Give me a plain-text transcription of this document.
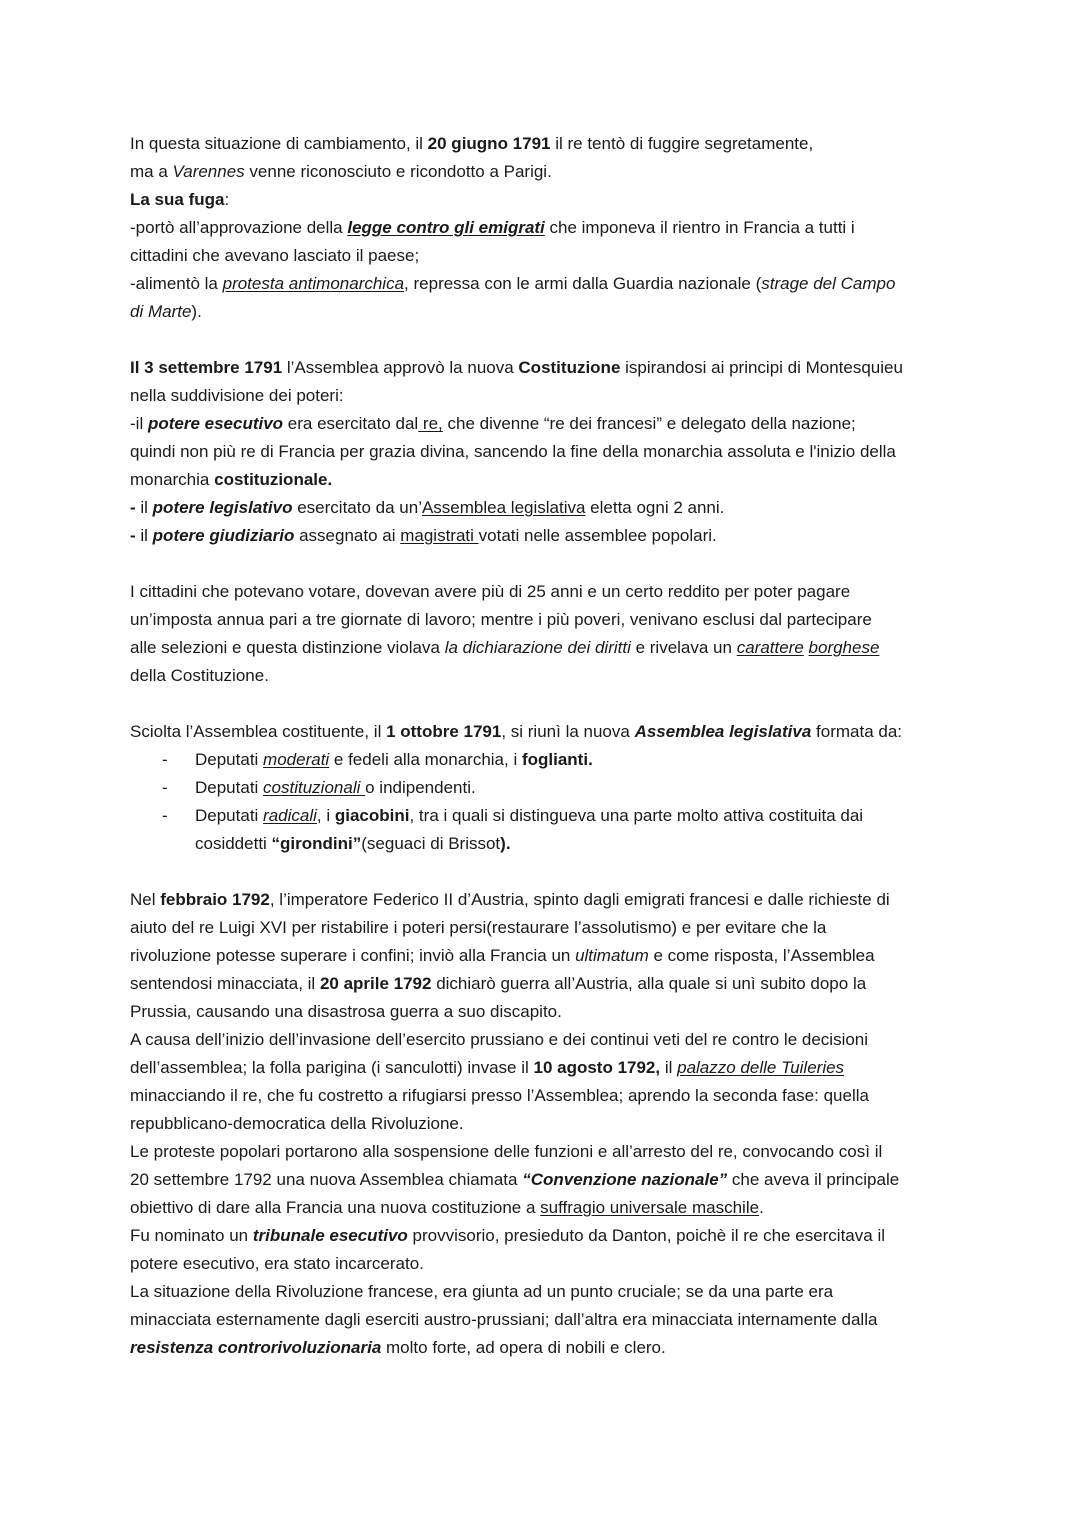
In questa situazione di cambiamento, il 20 giugno 1791 il re tentò di fuggire segretamente,
ma a Varennes venne riconosciuto e ricondotto a Parigi.

La sua fuga:
-portò all’approvazione della legge contro gli emigrati che imponeva il rientro in Francia a tutti i
cittadini che avevano lasciato il paese;
-alimentò la protesta antimonarchica, repressa con le armi dalla Guardia nazionale (strage del Campo
di Marte).

Il 3 settembre 1791 l’Assemblea approvò la nuova Costituzione ispirandosi ai principi di Montesquieu
nella suddivisione dei poteri:
-il potere esecutivo era esercitato dal re, che divenne “re dei francesi” e delegato della nazione;
quindi non più re di Francia per grazia divina, sancendo la fine della monarchia assoluta e l'inizio della
monarchia costituzionale.
- il potere legislativo esercitato da un’Assemblea legislativa eletta ogni 2 anni.
- il potere giudiziario assegnato ai magistrati votati nelle assemblee popolari.

I cittadini che potevano votare, dovevan avere più di 25 anni e un certo reddito per poter pagare
un’imposta annua pari a tre giornate di lavoro; mentre i più poveri, venivano esclusi dal partecipare
alle selezioni e questa distinzione violava la dichiarazione dei diritti e rivelava un carattere borghese
della Costituzione.

Sciolta l’Assemblea costituente, il 1 ottobre 1791, si riunì la nuova Assemblea legislativa formata da:

- Deputati moderati e fedeli alla monarchia, i foglianti.
- Deputati costituzionali o indipendenti.
- Deputati radicali, i giacobini, tra i quali si distingueva una parte molto attiva costituita dai
cosiddetti “girondini”(seguaci di Brissot).

Nel febbraio 1792, l’imperatore Federico II d’Austria, spinto dagli emigrati francesi e dalle richieste di
aiuto del re Luigi XVI per ristabilire i poteri persi(restaurare l’assolutismo) e per evitare che la
rivoluzione potesse superare i confini; inviò alla Francia un ultimatum e come risposta, l’Assemblea
sentendosi minacciata, il 20 aprile 1792 dichiarò guerra all’Austria, alla quale si unì subito dopo la
Prussia, causando una disastrosa guerra a suo discapito.
A causa dell’inizio dell’invasione dell’esercito prussiano e dei continui veti del re contro le decisioni
dell’assemblea; la folla parigina (i sanculotti) invase il 10 agosto 1792, il palazzo delle Tuileries
minacciando il re, che fu costretto a rifugiarsi presso l’Assemblea; aprendo la seconda fase: quella
repubblicano-democratica della Rivoluzione.
Le proteste popolari portarono alla sospensione delle funzioni e all’arresto del re, convocando così il
20 settembre 1792 una nuova Assemblea chiamata “Convenzione nazionale” che aveva il principale
obiettivo di dare alla Francia una nuova costituzione a suffragio universale maschile.
Fu nominato un tribunale esecutivo provvisorio, presieduto da Danton, poichè il re che esercitava il
potere esecutivo, era stato incarcerato.
La situazione della Rivoluzione francese, era giunta ad un punto cruciale; se da una parte era
minacciata esternamente dagli eserciti austro-prussiani; dall’altra era minacciata internamente dalla
resistenza controrivoluzionaria molto forte, ad opera di nobili e clero.
